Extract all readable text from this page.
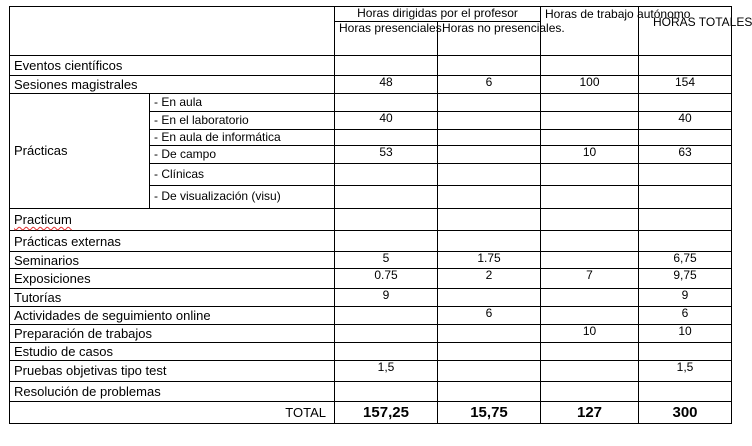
		Horas dirigidas por el profesor		Horas de trabajo autónomo	HORAS TOTALES
		Horas presenciales.	Horas no presenciales.		
Eventos científicos					
Sesiones magistrales		48	6	100	154
Prácticas	- En aula				
	- En el laboratorio	40			40
	- En aula de informática				
	- De campo	53		10	63
	- Clínicas				
	- De visualización (visu)				
Practicum					
Prácticas externas					
Seminarios		5	1.75		6,75
Exposiciones		0.75	2	7	9,75
Tutorías		9			9
Actividades de seguimiento online			6		6
Preparación de trabajos				10	10
Estudio de casos					
Pruebas objetivas tipo test		1,5			1,5
Resolución de problemas					
TOTAL		157,25	15,75	127	300
